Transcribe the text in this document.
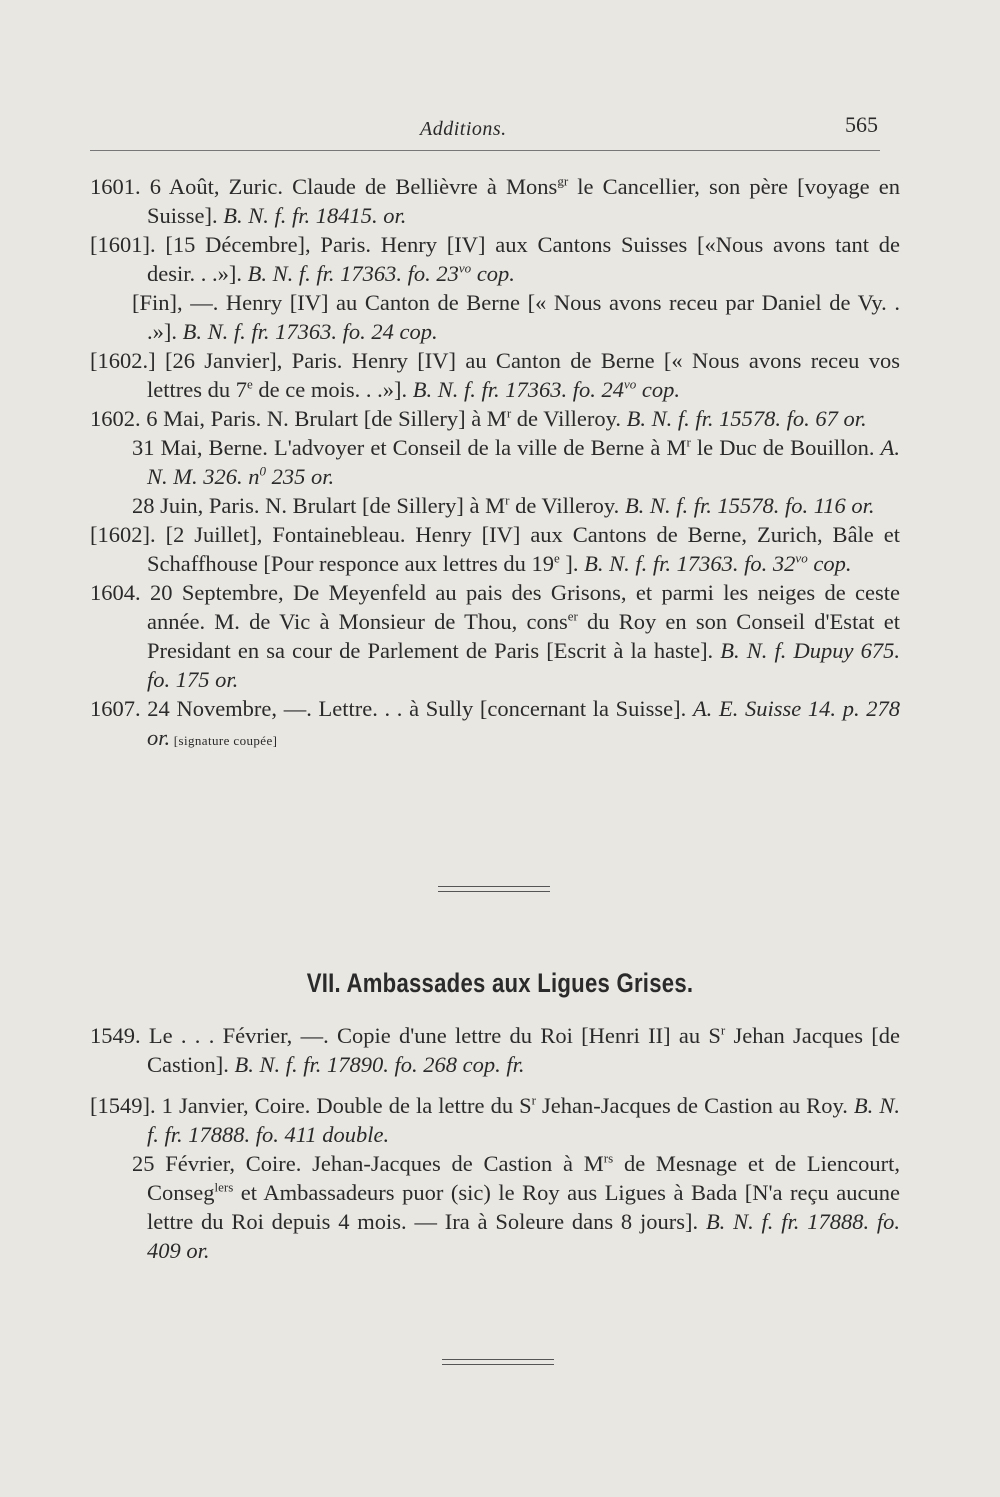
Additions.	565

1601. 6 Août, Zuric. Claude de Bellièvre à Mons$^{gr}$ le Cancellier, son père [voyage en Suisse]. B. N. f. fr. 18415. or.

[1601]. [15 Décembre], Paris. Henry [IV] aux Cantons Suisses [«Nous avons tant de desir. . .»]. B. N. f. fr. 17363. fo. 23$^{vo}$ cop.

[Fin], —. Henry [IV] au Canton de Berne [« Nous avons receu par Daniel de Vy. . .»]. B. N. f. fr. 17363. fo. 24 cop.

[1602.] [26 Janvier], Paris. Henry [IV] au Canton de Berne [« Nous avons receu vos lettres du 7e de ce mois. . .»]. B. N. f. fr. 17363. fo. 24$^{vo}$ cop.

1602. 6 Mai, Paris. N. Brulart [de Sillery] à $M^r$ de Villeroy. B. N. f. fr. 15578. fo. 67 or.

31 Mai, Berne. L'advoyer et Conseil de la ville de Berne à $M^r$ le Duc de Bouillon. A. N. M. 326. n$^0$ 235 or.

28 Juin, Paris. N. Brulart [de Sillery] à $M^r$ de Villeroy. B. N. f. fr. 15578. fo. 116 or.

[1602]. [2 Juillet], Fontainebleau. Henry [IV] aux Cantons de Berne, Zurich, Bâle et Schaffhouse [Pour responce aux lettres du 19e ]. B. N. f. fr. 17363. fo. 32$^{vo}$ cop.

1604. 20 Septembre, De Meyenfeld au pais des Grisons, et parmi les neiges de ceste année. M. de Vic à Monsieur de Thou, cons$^{er}$ du Roy en son Conseil d'Estat et Presidant en sa cour de Parlement de Paris [Escrit à la haste]. B. N. f. Dupuy 675. fo. 175 or.

1607. 24 Novembre, —. Lettre. . . à Sully [concernant la Suisse]. A. E. Suisse 14. p. 278 or. [signature coupée]

VII. Ambassades aux Ligues Grises.

1549. Le . . . Février, —. Copie d'une lettre du Roi [Henri II] au $S^r$ Jehan Jacques [de Castion]. B. N. f. fr. 17890. fo. 268 cop. fr.

[1549]. 1 Janvier, Coire. Double de la lettre du $S^r$ Jehan-Jacques de Castion au Roy. B. N. f. fr. 17888. fo. 411 double.

25 Février, Coire. Jehan-Jacques de Castion à $M^{rs}$ de Mesnage et de Liencourt, Conseg$^{lers}$ et Ambassadeurs puor (sic) le Roy aus Ligues à Bada [N'a reçu aucune lettre du Roi depuis 4 mois. — Ira à Soleure dans 8 jours]. B. N. f. fr. 17888. fo. 409 or.
